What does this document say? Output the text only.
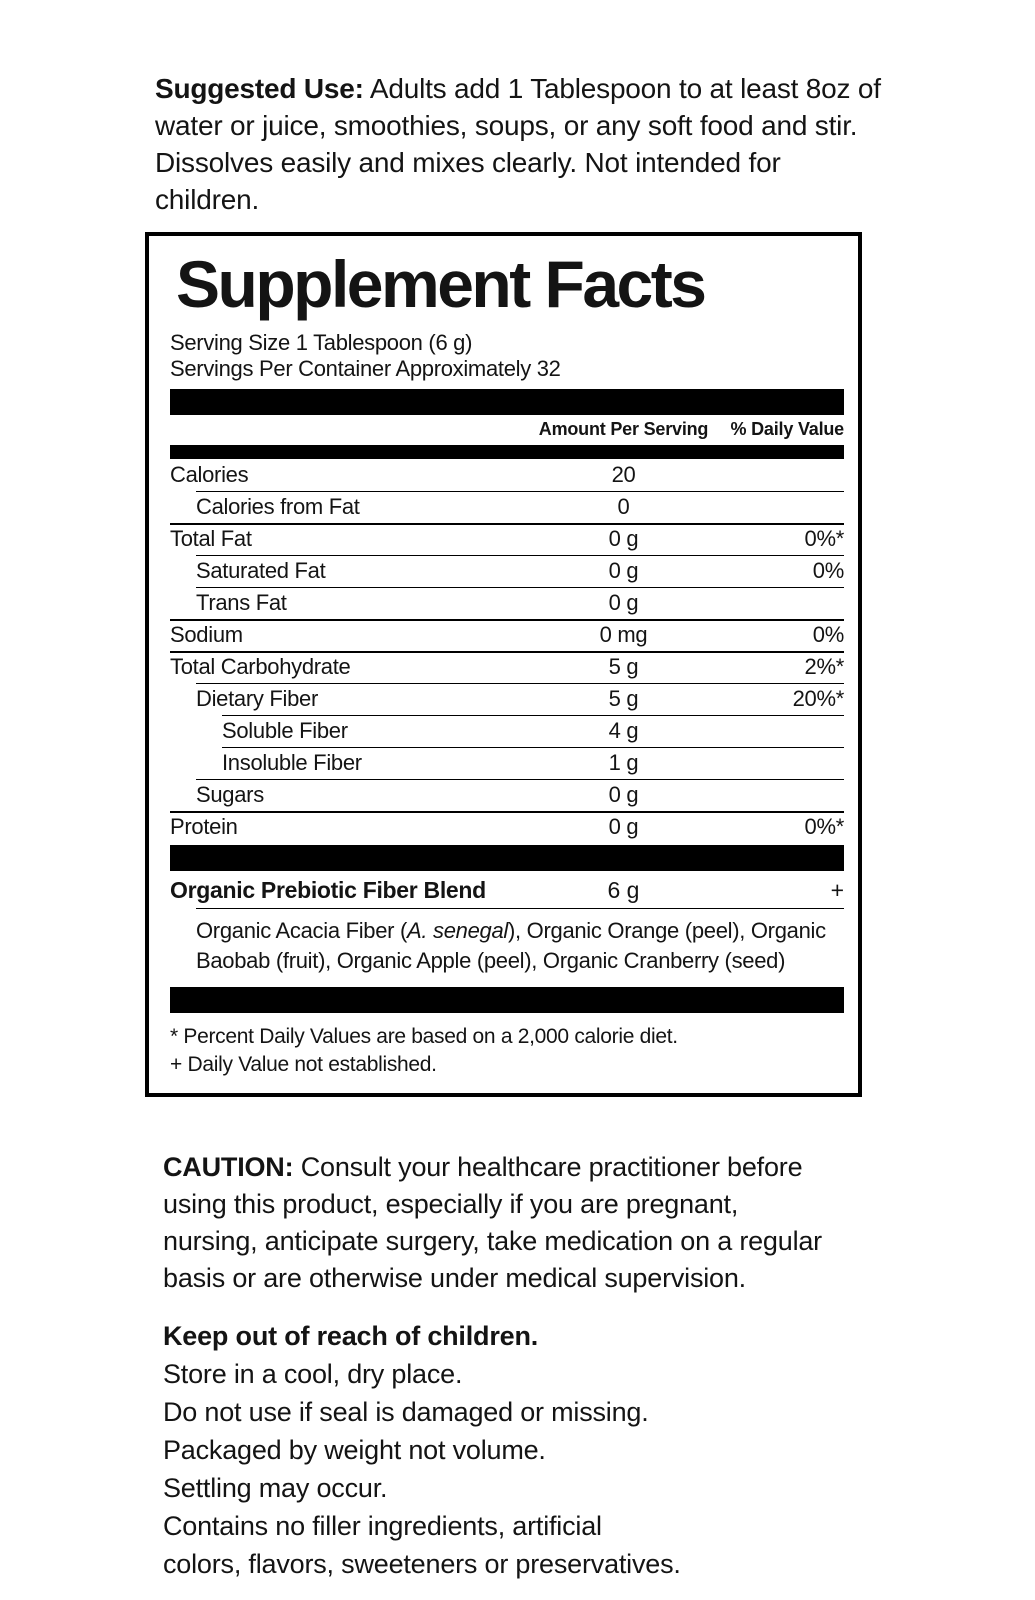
Suggested Use: Adults add 1 Tablespoon to at least 8oz of water or juice, smoothies, soups, or any soft food and stir. Dissolves easily and mixes clearly. Not intended for children.

Supplement Facts
Serving Size 1 Tablespoon (6 g)
Servings Per Container Approximately 32
Amount Per Serving	% Daily Value
Calories	20
Calories from Fat	0
Total Fat	0 g	0%*
Saturated Fat	0 g	0%
Trans Fat	0 g
Sodium	0 mg	0%
Total Carbohydrate	5 g	2%*
Dietary Fiber	5 g	20%*
Soluble Fiber	4 g
Insoluble Fiber	1 g
Sugars	0 g
Protein	0 g	0%*
Organic Prebiotic Fiber Blend	6 g	+

Organic Acacia Fiber (A. senegal), Organic Orange (peel), Organic Baobab (fruit), Organic Apple (peel), Organic Cranberry (seed)

* Percent Daily Values are based on a 2,000 calorie diet.
+ Daily Value not established.

CAUTION: Consult your healthcare practitioner before using this product, especially if you are pregnant, nursing, anticipate surgery, take medication on a regular basis or are otherwise under medical supervision.

Keep out of reach of children.
Store in a cool, dry place.
Do not use if seal is damaged or missing.
Packaged by weight not volume.
Settling may occur.
Contains no filler ingredients, artificial colors, flavors, sweeteners or preservatives.
